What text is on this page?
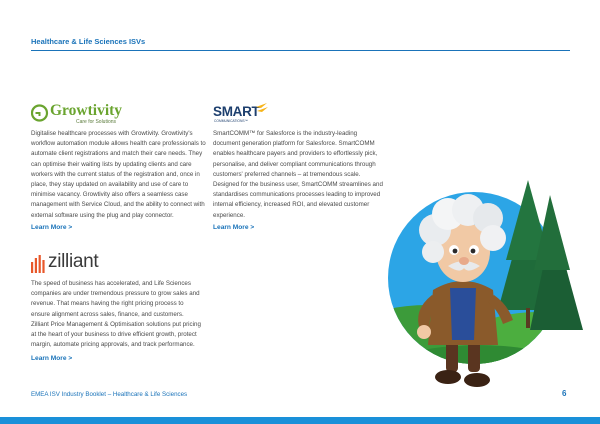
Healthcare & Life Sciences ISVs
Growtivity
Care for Solutions
SMART
COMMUNICATIONS™

Digitalise healthcare processes with Growtivity. Growtivity's workflow automation module allows health care professionals to automate client registrations and match their care needs. They can optimise their waiting lists by updating clients and care workers with the current status of the registration and, once in place, they stay updated on availability and use of care to minimise vacancy. Growtivity also offers a seamless case management with Service Cloud, and the ability to connect with external software using the plug and play connector.

Learn More >

SmartCOMM™ for Salesforce is the industry-leading document generation platform for Salesforce. SmartCOMM enables healthcare payers and providers to effortlessly pick, personalise, and deliver compliant communications through customers' preferred channels – at tremendous scale. Designed for the business user, SmartCOMM streamlines and standardises communications processes leading to improved internal efficiency, increased ROI, and elevated customer experience.

Learn More >
zilliant

The speed of business has accelerated, and Life Sciences companies are under tremendous pressure to grow sales and revenue. That means having the right pricing process to ensure alignment across sales, finance, and customers. Zilliant Price Management & Optimisation solutions put pricing at the heart of your business to drive efficient growth, protect margin, automate pricing approvals, and track performance.

Learn More >
EMEA ISV Industry Booklet – Healthcare & Life Sciences	6
